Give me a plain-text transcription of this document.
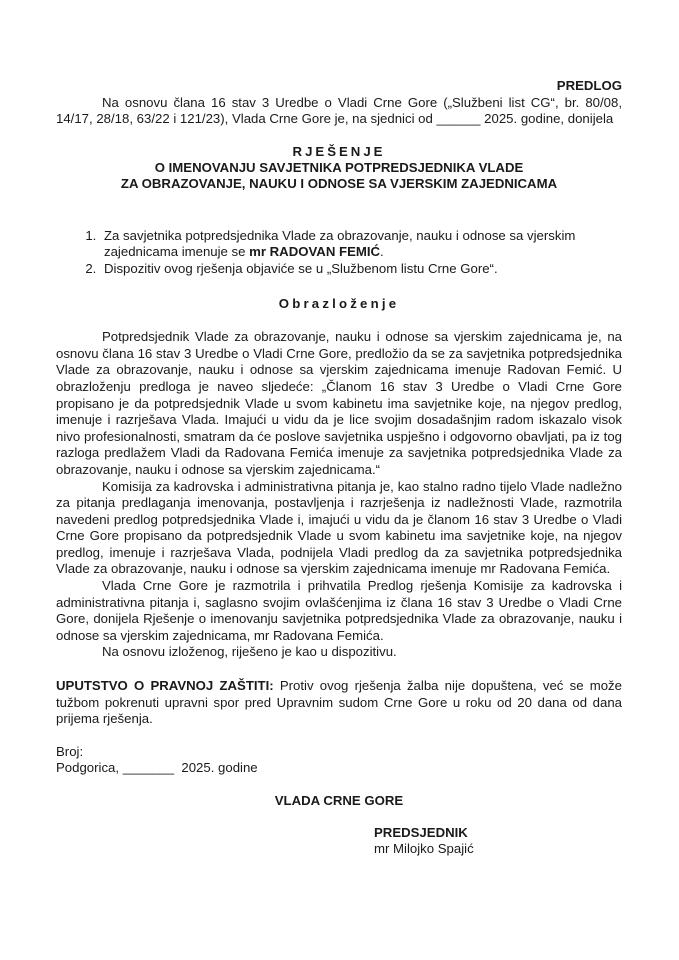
PREDLOG

Na osnovu člana 16 stav 3 Uredbe o Vladi Crne Gore („Službeni list CG“, br. 80/08, 14/17, 28/18, 63/22 i 121/23), Vlada Crne Gore je, na sjednici od ______ 2025. godine, donijela

RJEŠENJE
O IMENOVANJU SAVJETNIKA POTPREDSJEDNIKA VLADE
ZA OBRAZOVANJE, NAUKU I ODNOSE SA VJERSKIM ZAJEDNICAMA
1. Za savjetnika potpredsjednika Vlade za obrazovanje, nauku i odnose sa vjerskim zajednicama imenuje se mr RADOVAN FEMIĆ.
2. Dispozitiv ovog rješenja objaviće se u „Službenom listu Crne Gore“.
Obrazloženje

Potpredsjednik Vlade za obrazovanje, nauku i odnose sa vjerskim zajednicama je, na osnovu člana 16 stav 3 Uredbe o Vladi Crne Gore, predložio da se za savjetnika potpredsjednika Vlade za obrazovanje, nauku i odnose sa vjerskim zajednicama imenuje Radovan Femić. U obrazloženju predloga je naveo sljedeće: „Članom 16 stav 3 Uredbe o Vladi Crne Gore propisano je da potpredsjednik Vlade u svom kabinetu ima savjetnike koje, na njegov predlog, imenuje i razrješava Vlada. Imajući u vidu da je lice svojim dosadašnjim radom iskazalo visok nivo profesionalnosti, smatram da će poslove savjetnika uspješno i odgovorno obavljati, pa iz tog razloga predlažem Vladi da Radovana Femića imenuje za savjetnika potpredsjednika Vlade za obrazovanje, nauku i odnose sa vjerskim zajednicama.“

Komisija za kadrovska i administrativna pitanja je, kao stalno radno tijelo Vlade nadležno za pitanja predlaganja imenovanja, postavljenja i razrješenja iz nadležnosti Vlade, razmotrila navedeni predlog potpredsjednika Vlade i, imajući u vidu da je članom 16 stav 3 Uredbe o Vladi Crne Gore propisano da potpredsjednik Vlade u svom kabinetu ima savjetnike koje, na njegov predlog, imenuje i razrješava Vlada, podnijela Vladi predlog da za savjetnika potpredsjednika Vlade za obrazovanje, nauku i odnose sa vjerskim zajednicama imenuje mr Radovana Femića.

Vlada Crne Gore je razmotrila i prihvatila Predlog rješenja Komisije za kadrovska i administrativna pitanja i, saglasno svojim ovlašćenjima iz člana 16 stav 3 Uredbe o Vladi Crne Gore, donijela Rješenje o imenovanju savjetnika potpredsjednika Vlade za obrazovanje, nauku i odnose sa vjerskim zajednicama, mr Radovana Femića.

Na osnovu izloženog, riješeno je kao u dispozitivu.

UPUTSTVO O PRAVNOJ ZAŠTITI: Protiv ovog rješenja žalba nije dopuštena, već se može tužbom pokrenuti upravni spor pred Upravnim sudom Crne Gore u roku od 20 dana od dana prijema rješenja.

Broj:

Podgorica, _______  2025. godine

VLADA CRNE GORE
PREDSJEDNIK
mr Milojko Spajić
